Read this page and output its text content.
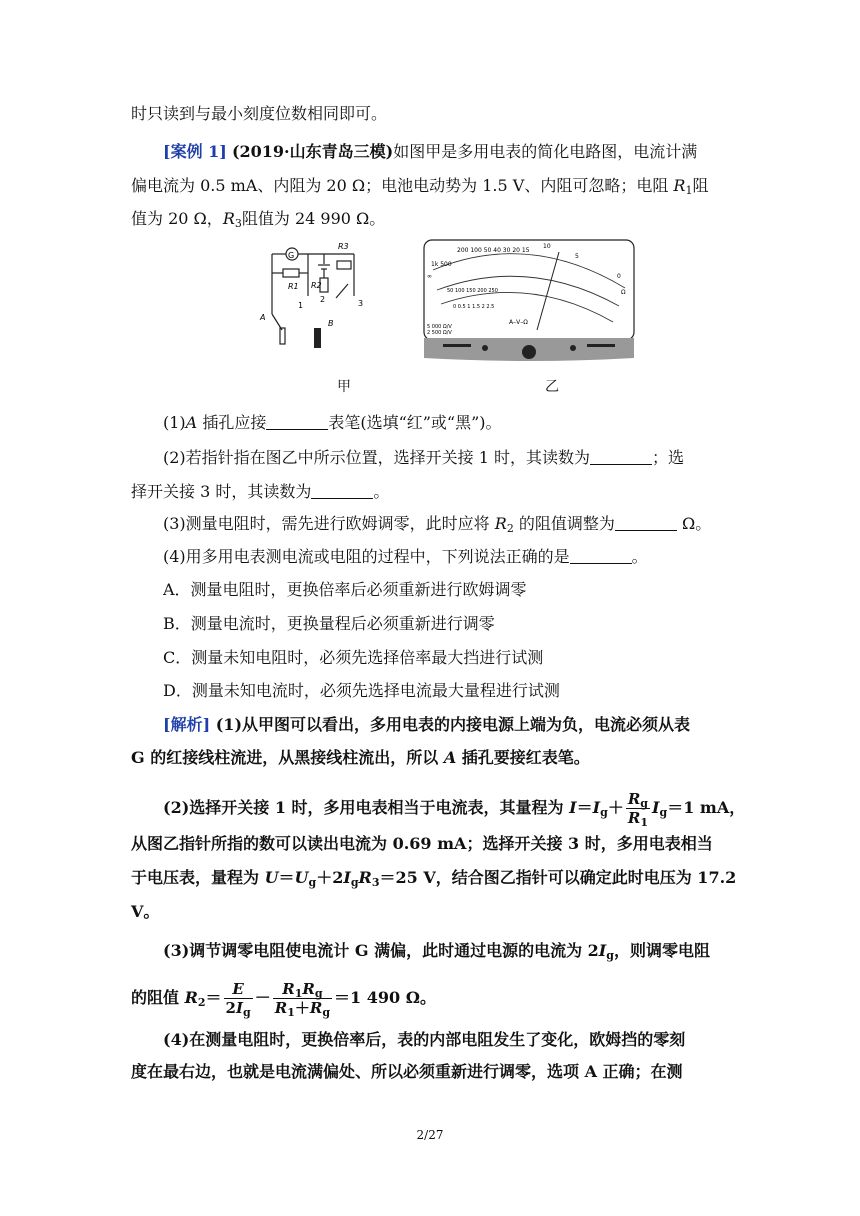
时只读到与最小刻度位数相同即可。
[案例 1] (2019·山东青岛三模)如图甲是多用电表的简化电路图，电流计满
偏电流为 0.5 mA、内阻为 20 Ω；电池电动势为 1.5 V、内阻可忽略；电阻 $R_1$阻
值为 20 Ω，$R_3$阻值为 24 990 Ω。
G
R3
R1 R2
1
2	3
A
B
∞
1k 500
200 100 50 40 30 20 15
10
5
0
50 100 150 200 250
0 0.5 1 1.5 2 2.5
A–V–Ω
Ω
5 000 Ω/V
2 500 Ω/V
甲	乙
(1)A 插孔应接	表笔(选填“红”或“黑”)。
(2)若指针指在图乙中所示位置，选择开关接 1 时，其读数为	；选
择开关接 3 时，其读数为	。
(3)测量电阻时，需先进行欧姆调零，此时应将 $R_2$ 的阻值调整为	Ω。
(4)用多用电表测电流或电阻的过程中，下列说法正确的是	。
A．测量电阻时，更换倍率后必须重新进行欧姆调零
B．测量电流时，更换量程后必须重新进行调零
C．测量未知电阻时，必须先选择倍率最大挡进行试测
D．测量未知电流时，必须先选择电流最大量程进行试测
[解析] (1)从甲图可以看出，多用电表的内接电源上端为负，电流必须从表
G 的红接线柱流进，从黑接线柱流出，所以 A 插孔要接红表笔。
(2)选择开关接 1 时，多用电表相当于电流表，其量程为 $I=I_g+ \frac{R_g}{R_1} I_g=1$ mA，
从图乙指针所指的数可以读出电流为 0.69 mA；选择开关接 3 时，多用电表相当
于电压表，量程为 $U=U_g+2I_gR_3=25$ V，结合图乙指针可以确定此时电压为 17.2
V。
(3)调节调零电阻使电流计 G 满偏，此时通过电源的电流为 $2I_g$，则调零电阻
的阻值 $R_2= \frac{E}{2I_g} - \frac{R_1R_g}{R_1+R_g} =1$ 490 Ω。
(4)在测量电阻时，更换倍率后，表的内部电阻发生了变化，欧姆挡的零刻
度在最右边，也就是电流满偏处、所以必须重新进行调零，选项 A 正确；在测
2/27
